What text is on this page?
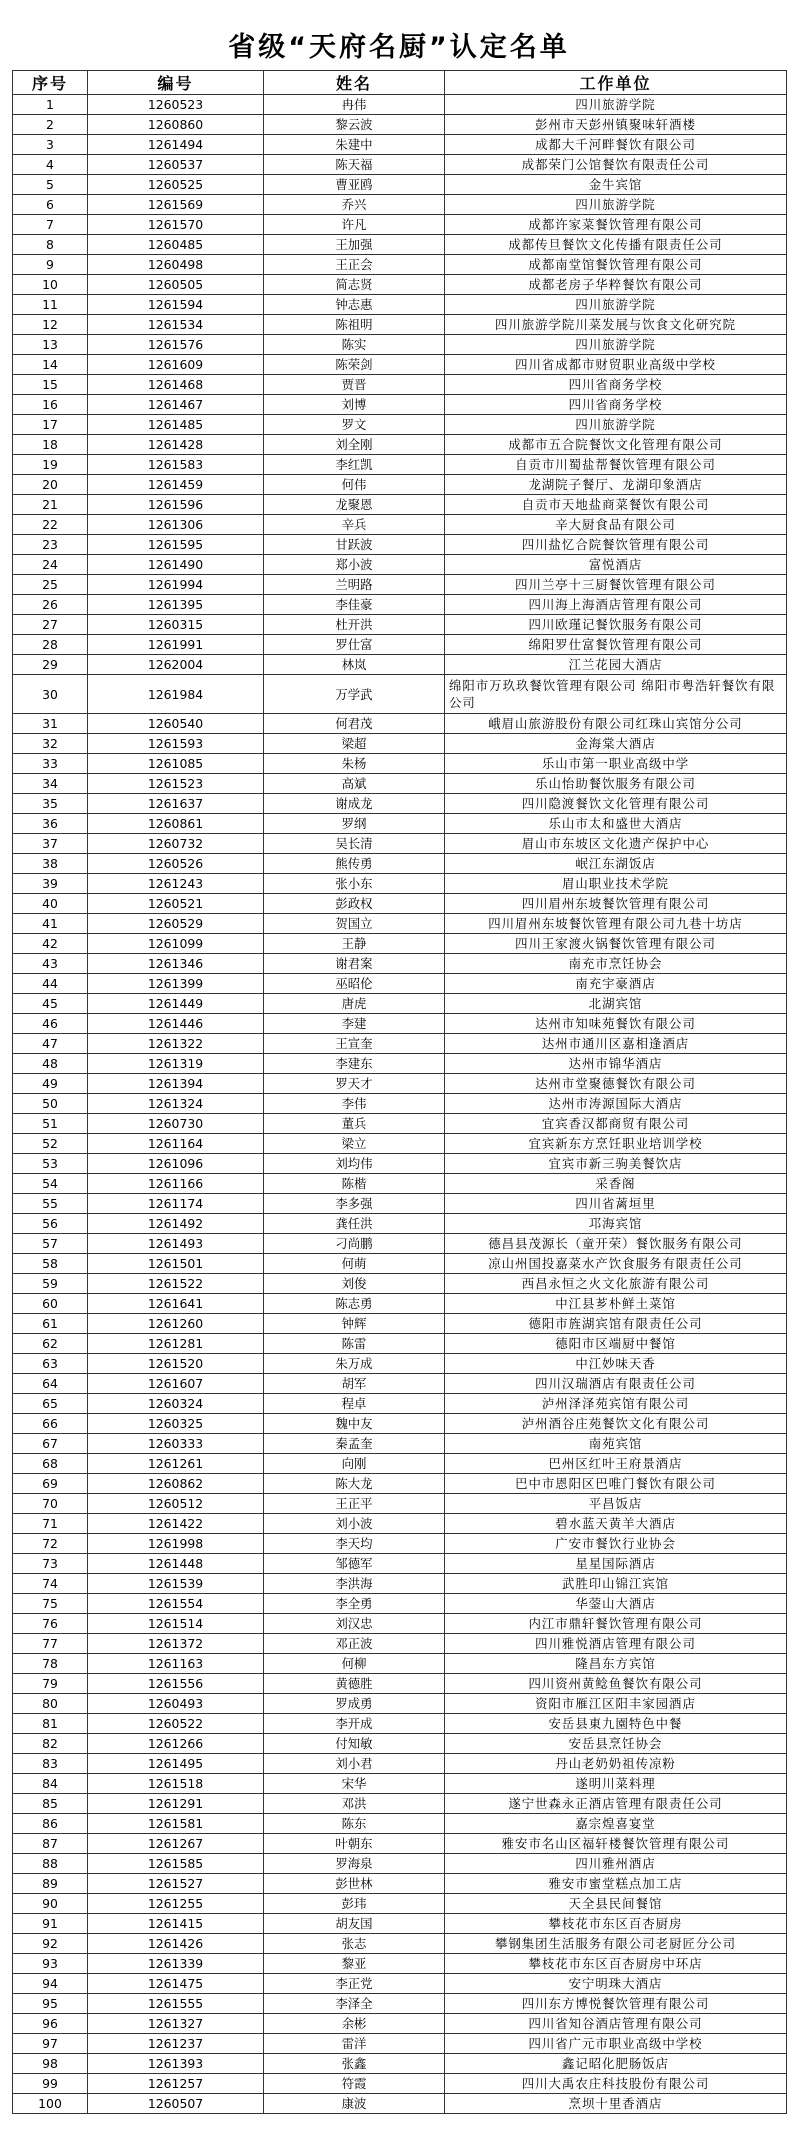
省级“天府名厨”认定名单
序号	编号	姓名	工作单位
1	1260523	冉伟	四川旅游学院
2	1260860	黎云波	彭州市天彭州镇聚味轩酒楼
3	1261494	朱建中	成都大千河畔餐饮有限公司
4	1260537	陈天福	成都荣门公馆餐饮有限责任公司
5	1260525	曹亚鸥	金牛宾馆
6	1261569	乔兴	四川旅游学院
7	1261570	许凡	成都许家菜餐饮管理有限公司
8	1260485	王加强	成都传旦餐饮文化传播有限责任公司
9	1260498	王正会	成都南堂馆餐饮管理有限公司
10	1260505	简志贤	成都老房子华粹餐饮有限公司
11	1261594	钟志惠	四川旅游学院
12	1261534	陈祖明	四川旅游学院川菜发展与饮食文化研究院
13	1261576	陈实	四川旅游学院
14	1261609	陈荣剑	四川省成都市财贸职业高级中学校
15	1261468	贾晋	四川省商务学校
16	1261467	刘博	四川省商务学校
17	1261485	罗文	四川旅游学院
18	1261428	刘全刚	成都市五合院餐饮文化管理有限公司
19	1261583	李红凯	自贡市川蜀盐帮餐饮管理有限公司
20	1261459	何伟	龙湖院子餐厅、龙湖印象酒店
21	1261596	龙聚恩	自贡市天地盐商菜餐饮有限公司
22	1261306	辛兵	辛大厨食品有限公司
23	1261595	甘跃波	四川盐忆合院餐饮管理有限公司
24	1261490	郑小波	富悦酒店
25	1261994	兰明路	四川兰亭十三厨餐饮管理有限公司
26	1261395	李佳豪	四川海上海酒店管理有限公司
27	1260315	杜开洪	四川欧瑾记餐饮服务有限公司
28	1261991	罗仕富	绵阳罗仕富餐饮管理有限公司
29	1262004	林岚	江兰花园大酒店
30	1261984	万学武	绵阳市万玖玖餐饮管理有限公司 绵阳市粤浩轩餐饮有限公司
31	1260540	何君茂	峨眉山旅游股份有限公司红珠山宾馆分公司
32	1261593	梁超	金海棠大酒店
33	1261085	朱杨	乐山市第一职业高级中学
34	1261523	高斌	乐山怡助餐饮服务有限公司
35	1261637	谢成龙	四川隐渡餐饮文化管理有限公司
36	1260861	罗纲	乐山市太和盛世大酒店
37	1260732	吴长清	眉山市东坡区文化遗产保护中心
38	1260526	熊传勇	岷江东湖饭店
39	1261243	张小东	眉山职业技术学院
40	1260521	彭政权	四川眉州东坡餐饮管理有限公司
41	1260529	贺国立	四川眉州东坡餐饮管理有限公司九巷十坊店
42	1261099	王静	四川王家渡火锅餐饮管理有限公司
43	1261346	谢君案	南充市烹饪协会
44	1261399	巫昭伦	南充宇豪酒店
45	1261449	唐虎	北湖宾馆
46	1261446	李建	达州市知味苑餐饮有限公司
47	1261322	王宣奎	达州市通川区嘉相逢酒店
48	1261319	李建东	达州市锦华酒店
49	1261394	罗天才	达州市堂聚德餐饮有限公司
50	1261324	李伟	达州市涛源国际大酒店
51	1260730	董兵	宜宾香汉都商贸有限公司
52	1261164	梁立	宜宾新东方烹饪职业培训学校
53	1261096	刘均伟	宜宾市新三驹美餐饮店
54	1261166	陈楷	采香阁
55	1261174	李多强	四川省蓠垣里
56	1261492	龚任洪	邛海宾馆
57	1261493	刁尚鹏	德昌县茂源长（童开荣）餐饮服务有限公司
58	1261501	何萌	凉山州国投嘉菜水产饮食服务有限责任公司
59	1261522	刘俊	西昌永恒之火文化旅游有限公司
60	1261641	陈志勇	中江县芗朴鲜土菜馆
61	1261260	钟辉	德阳市旌湖宾馆有限责任公司
62	1261281	陈雷	德阳市区端厨中餐馆
63	1261520	朱万成	中江妙味天香
64	1261607	胡军	四川汉瑞酒店有限责任公司
65	1260324	程卓	泸州泽泽苑宾馆有限公司
66	1260325	魏中友	泸州酒谷庄苑餐饮文化有限公司
67	1260333	秦孟奎	南苑宾馆
68	1261261	向刚	巴州区红叶王府景酒店
69	1260862	陈大龙	巴中市恩阳区巴唯门餐饮有限公司
70	1260512	王正平	平昌饭店
71	1261422	刘小波	碧水蓝天黄羊大酒店
72	1261998	李天均	广安市餐饮行业协会
73	1261448	邹德军	星星国际酒店
74	1261539	李洪海	武胜印山锦江宾馆
75	1261554	李全勇	华蓥山大酒店
76	1261514	刘汉忠	内江市鼎轩餐饮管理有限公司
77	1261372	邓正波	四川雅悦酒店管理有限公司
78	1261163	何柳	隆昌东方宾馆
79	1261556	黄德胜	四川资州黄鲶鱼餐饮有限公司
80	1260493	罗成勇	资阳市雁江区阳丰家园酒店
81	1260522	李开成	安岳县東九園特色中餐
82	1261266	付知敏	安岳县烹饪协会
83	1261495	刘小君	丹山老奶奶祖传凉粉
84	1261518	宋华	遂明川菜料理
85	1261291	邓洪	遂宁世森永正酒店管理有限责任公司
86	1261581	陈东	嘉宗煌喜宴堂
87	1261267	叶朝东	雅安市名山区福轩楼餐饮管理有限公司
88	1261585	罗海泉	四川雅州酒店
89	1261527	彭世林	雅安市蜜堂糕点加工店
90	1261255	彭玮	天全县民间餐馆
91	1261415	胡友国	攀枝花市东区百杏厨房
92	1261426	张志	攀钢集团生活服务有限公司老厨匠分公司
93	1261339	黎亚	攀枝花市东区百杏厨房中环店
94	1261475	李正党	安宁明珠大酒店
95	1261555	李泽全	四川东方博悦餐饮管理有限公司
96	1261327	余彬	四川省知谷酒店管理有限公司
97	1261237	雷洋	四川省广元市职业高级中学校
98	1261393	张鑫	鑫记昭化肥肠饭店
99	1261257	符霞	四川大禹农庄科技股份有限公司
100	1260507	康波	烹坝十里香酒店
